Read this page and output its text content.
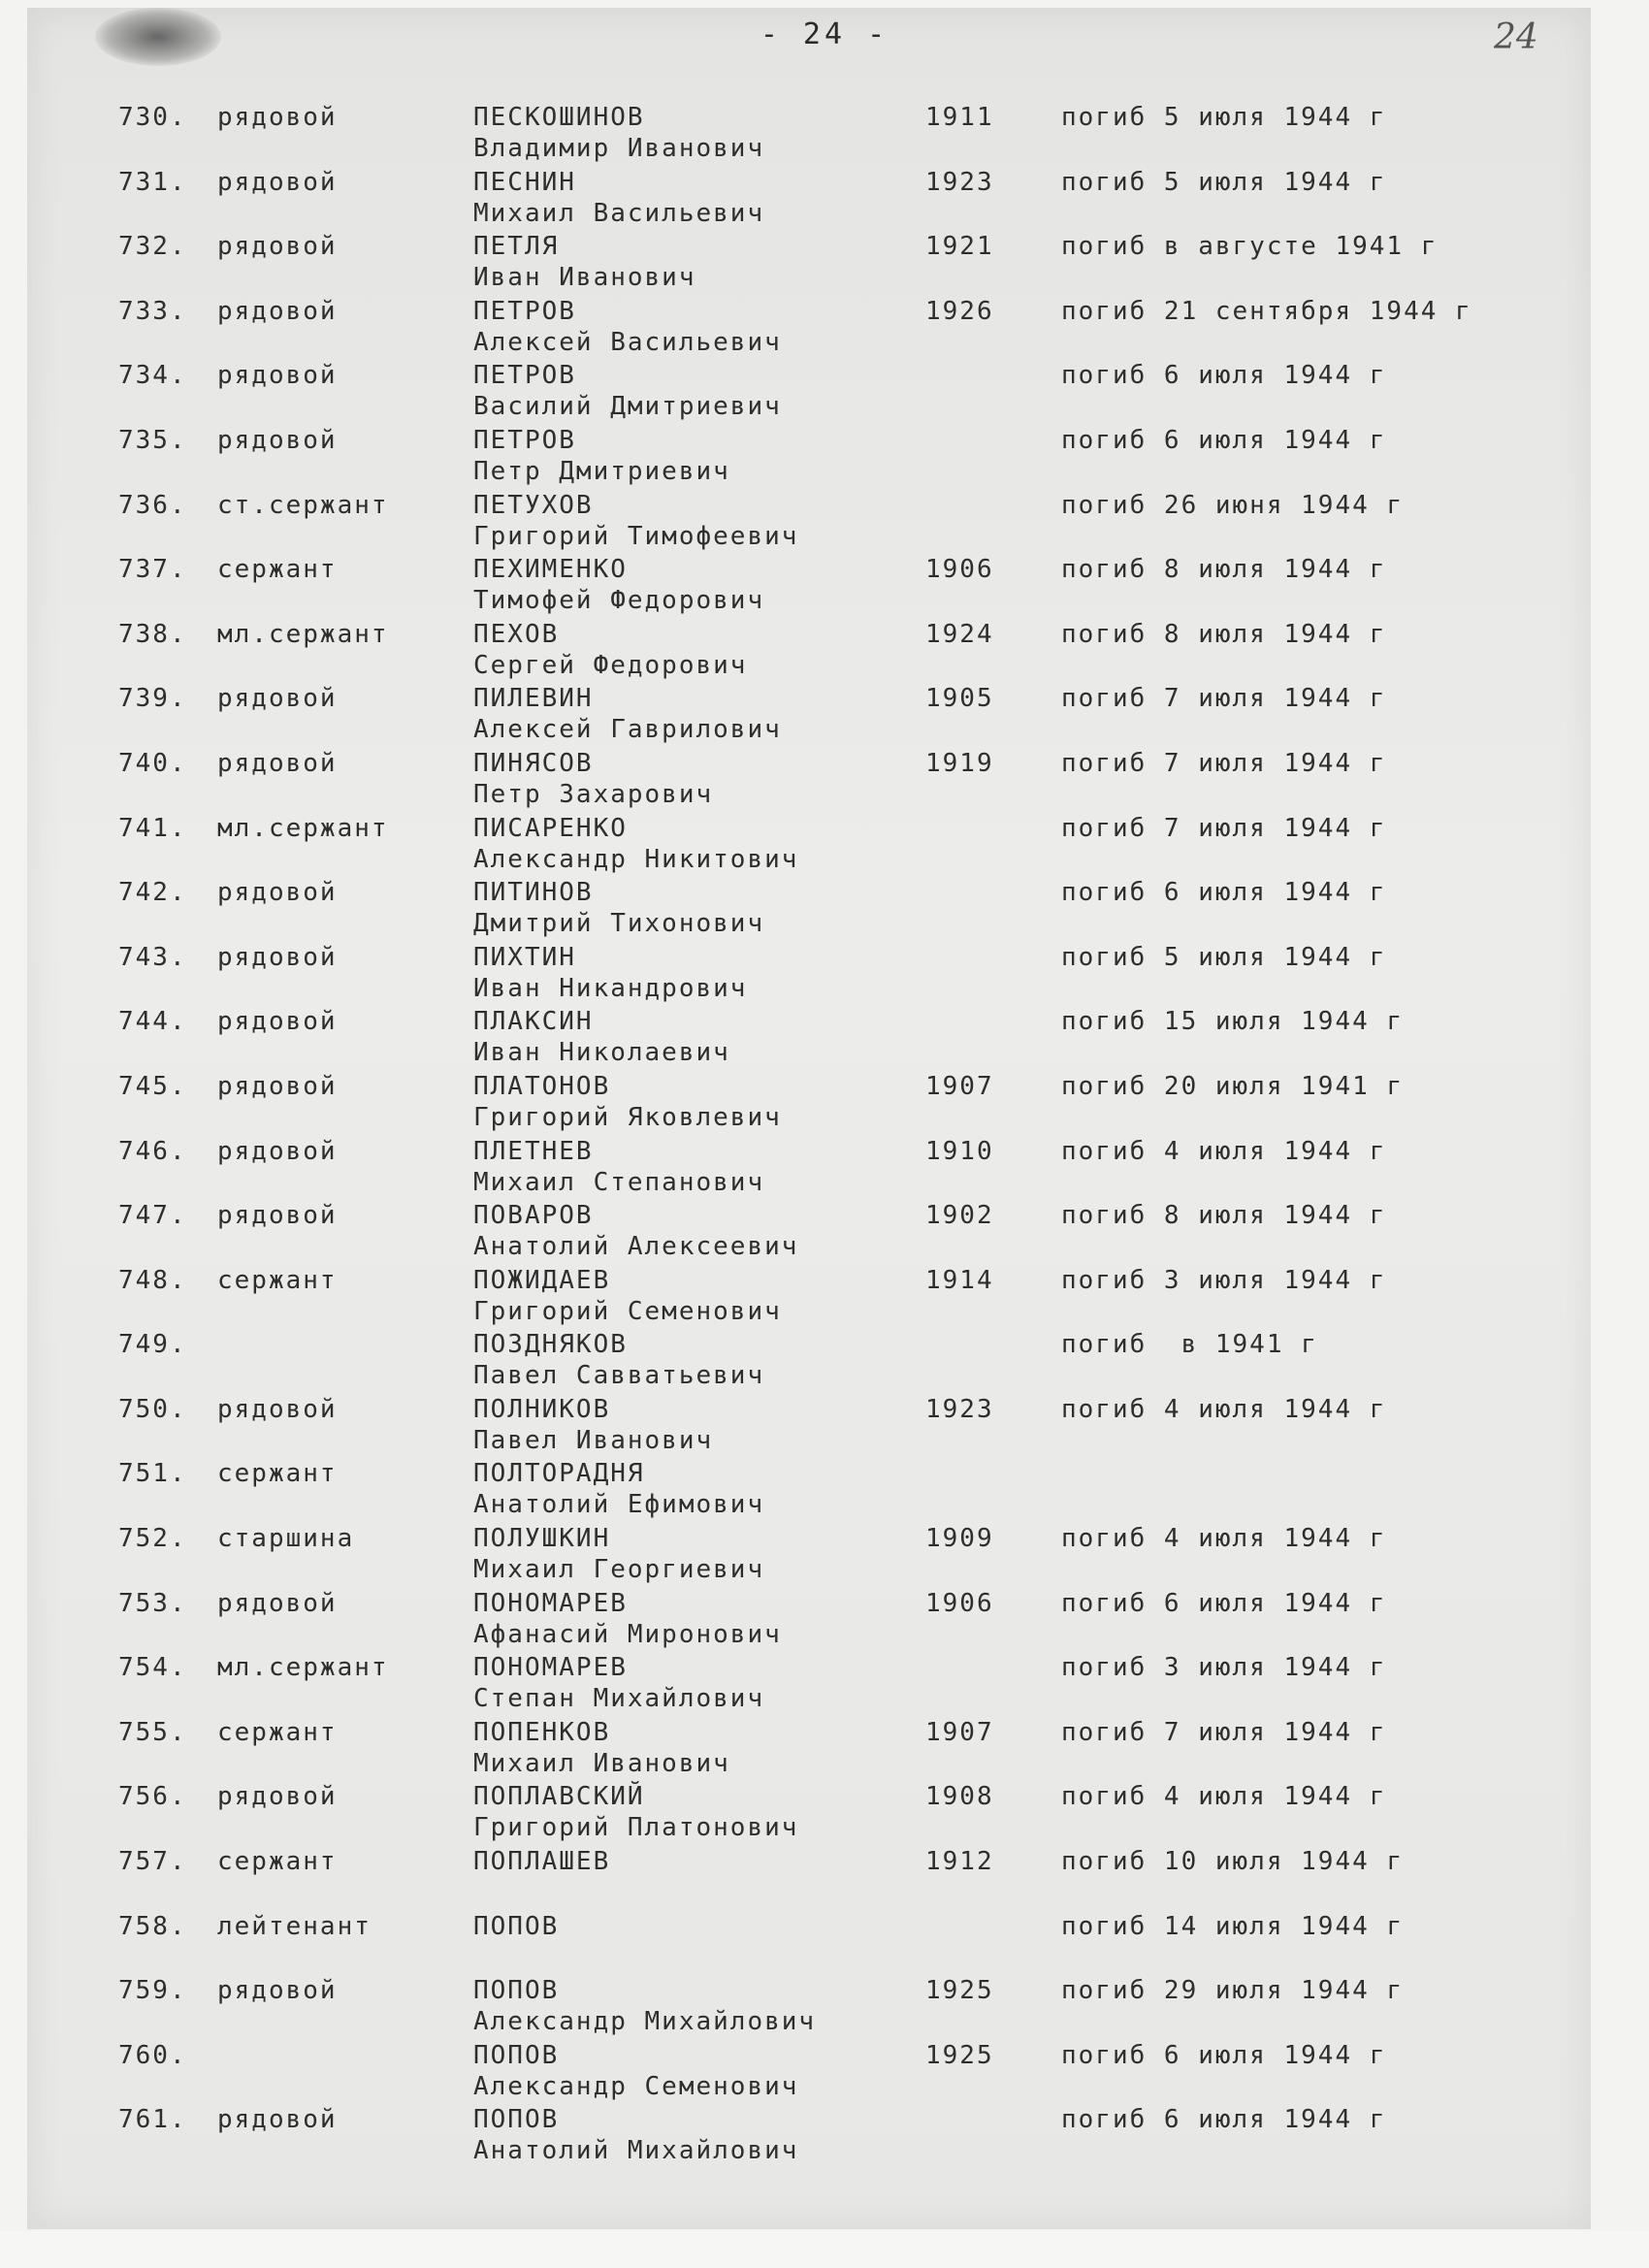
- 24 -	24
730. рядовой	ПЕСКОШИНОВ	1911	погиб 5 июля 1944 г
Владимир Иванович
731. рядовой	ПЕСНИН	1923	погиб 5 июля 1944 г
Михаил Васильевич
732. рядовой	ПЕТЛЯ	1921	погиб в августе 1941 г
Иван Иванович
733. рядовой	ПЕТРОВ	1926	погиб 21 сентября 1944 г
Алексей Васильевич
734. рядовой	ПЕТРОВ	погиб 6 июля 1944 г
Василий Дмитриевич
735. рядовой	ПЕТРОВ	погиб 6 июля 1944 г
Петр Дмитриевич
736. ст.сержант	ПЕТУХОВ	погиб 26 июня 1944 г
Григорий Тимофеевич
737. сержант	ПЕХИМЕНКО	1906	погиб 8 июля 1944 г
Тимофей Федорович
738. мл.сержант	ПЕХОВ	1924	погиб 8 июля 1944 г
Сергей Федорович
739. рядовой	ПИЛЕВИН	1905	погиб 7 июля 1944 г
Алексей Гаврилович
740. рядовой	ПИНЯСОВ	1919	погиб 7 июля 1944 г
Петр Захарович
741. мл.сержант	ПИСАРЕНКО	погиб 7 июля 1944 г
Александр Никитович
742. рядовой	ПИТИНОВ	погиб 6 июля 1944 г
Дмитрий Тихонович
743. рядовой	ПИХТИН	погиб 5 июля 1944 г
Иван Никандрович
744. рядовой	ПЛАКСИН	погиб 15 июля 1944 г
Иван Николаевич
745. рядовой	ПЛАТОНОВ	1907	погиб 20 июля 1941 г
Григорий Яковлевич
746. рядовой	ПЛЕТНЕВ	1910	погиб 4 июля 1944 г
Михаил Степанович
747. рядовой	ПОВАРОВ	1902	погиб 8 июля 1944 г
Анатолий Алексеевич
748. сержант	ПОЖИДАЕВ	1914	погиб 3 июля 1944 г
Григорий Семенович
749.	ПОЗДНЯКОВ	погиб  в 1941 г
Павел Савватьевич
750. рядовой	ПОЛНИКОВ	1923	погиб 4 июля 1944 г
Павел Иванович
751. сержант	ПОЛТОРАДНЯ
Анатолий Ефимович
752. старшина	ПОЛУШКИН	1909	погиб 4 июля 1944 г
Михаил Георгиевич
753. рядовой	ПОНОМАРЕВ	1906	погиб 6 июля 1944 г
Афанасий Миронович
754. мл.сержант	ПОНОМАРЕВ	погиб 3 июля 1944 г
Степан Михайлович
755. сержант	ПОПЕНКОВ	1907	погиб 7 июля 1944 г
Михаил Иванович
756. рядовой	ПОПЛАВСКИЙ	1908	погиб 4 июля 1944 г
Григорий Платонович
757. сержант	ПОПЛАШЕВ	1912	погиб 10 июля 1944 г
758. лейтенант	ПОПОВ	погиб 14 июля 1944 г
759. рядовой	ПОПОВ	1925	погиб 29 июля 1944 г
Александр Михайлович
760.	ПОПОВ	1925	погиб 6 июля 1944 г
Александр Семенович
761. рядовой	ПОПОВ	погиб 6 июля 1944 г
Анатолий Михайлович
